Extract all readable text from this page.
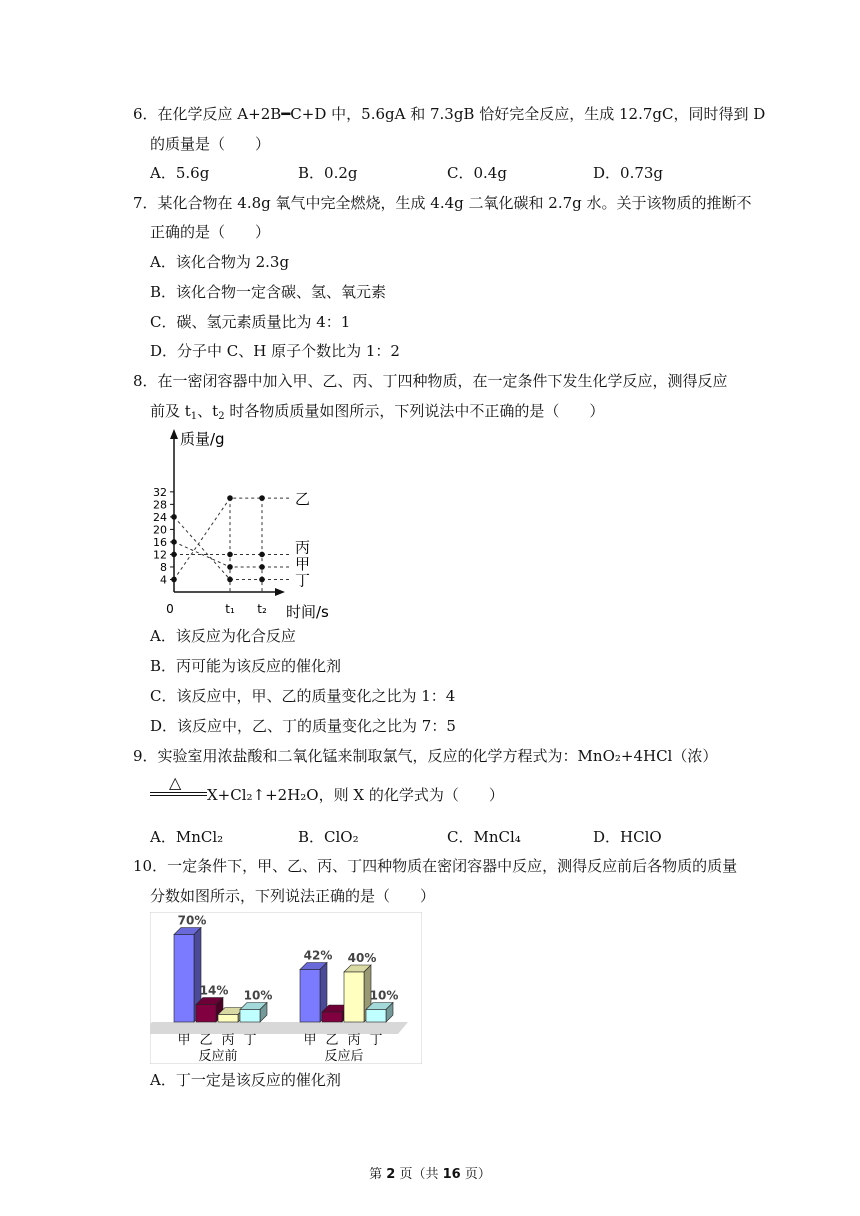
6．在化学反应 A+2B━C+D 中，5.6gA 和 7.3gB 恰好完全反应，生成 12.7gC，同时得到 D
的质量是（　　）
A．5.6g	B．0.2g	C．0.4g	D．0.73g
7．某化合物在 4.8g 氧气中完全燃烧，生成 4.4g 二氧化碳和 2.7g 水。关于该物质的推断不
正确的是（　　）
A．该化合物为 2.3g
B．该化合物一定含碳、氢、氧元素
C．碳、氢元素质量比为 4：1
D．分子中 C、H 原子个数比为 1：2
8．在一密闭容器中加入甲、乙、丙、丁四种物质，在一定条件下发生化学反应，测得反应
前及 $t_1$、$t_2$ 时各物质质量如图所示，下列说法中不正确的是（　　）
4
8
12
16
20
24
28
32
0	t₁ t₂
质量/g
时间/s
乙
丙
甲
丁
A．该反应为化合反应
B．丙可能为该反应的催化剂
C．该反应中，甲、乙的质量变化之比为 1：4
D．该反应中，乙、丁的质量变化之比为 7：5
9．实验室用浓盐酸和二氧化锰来制取氯气，反应的化学方程式为：MnO₂+4HCl（浓）
△
X+Cl₂↑+2H₂O，则 X 的化学式为（　　）
A．MnCl₂	B．ClO₂	C．MnCl₄	D．HClO
10．一定条件下，甲、乙、丙、丁四种物质在密闭容器中反应，测得反应前后各物质的质量
分数如图所示，下列说法正确的是（　　）
70%
甲
14%
乙 丙
10%
丁
反应前
42%
甲 乙
40%
丙
10%
丁
反应后
A．丁一定是该反应的催化剂
第 2 页（共 16 页）
